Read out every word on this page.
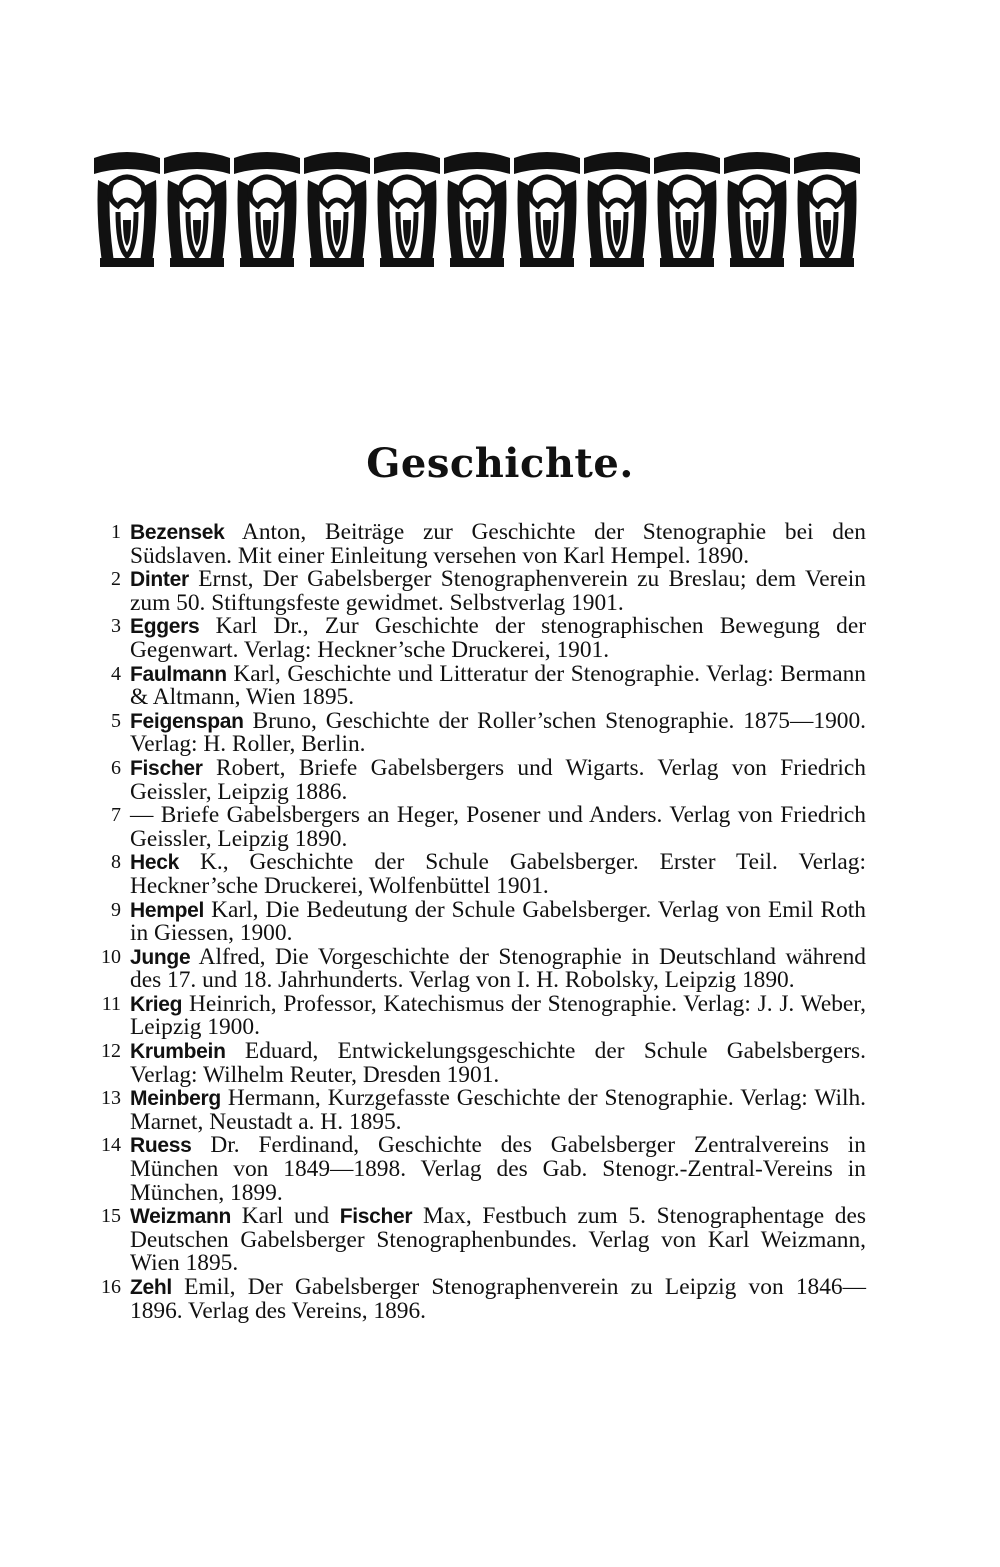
Geschichte.
1 Bezensek Anton, Beiträge zur Geschichte der Stenographie bei den Südslaven. Mit einer Einleitung versehen von Karl Hempel. 1890.
2 Dinter Ernst, Der Gabelsberger Stenographenverein zu Breslau; dem Verein zum 50. Stiftungsfeste gewidmet. Selbstverlag 1901.
3 Eggers Karl Dr., Zur Geschichte der stenographischen Bewegung der Gegenwart. Verlag: Heckner’sche Druckerei, 1901.
4 Faulmann Karl, Geschichte und Litteratur der Stenographie. Verlag: Bermann & Altmann, Wien 1895.
5 Feigenspan Bruno, Geschichte der Roller’schen Stenographie. 1875—1900. Verlag: H. Roller, Berlin.
6 Fischer Robert, Briefe Gabelsbergers und Wigarts. Verlag von Friedrich Geissler, Leipzig 1886.
7 — Briefe Gabelsbergers an Heger, Posener und Anders. Verlag von Friedrich Geissler, Leipzig 1890.
8 Heck K., Geschichte der Schule Gabelsberger. Erster Teil. Verlag: Heckner’sche Druckerei, Wolfenbüttel 1901.
9 Hempel Karl, Die Bedeutung der Schule Gabelsberger. Verlag von Emil Roth in Giessen, 1900.
10 Junge Alfred, Die Vorgeschichte der Stenographie in Deutschland während des 17. und 18. Jahrhunderts. Verlag von I. H. Robolsky, Leipzig 1890.
11 Krieg Heinrich, Professor, Katechismus der Stenographie. Verlag: J. J. Weber, Leipzig 1900.
12 Krumbein Eduard, Entwickelungsgeschichte der Schule Gabelsbergers. Verlag: Wilhelm Reuter, Dresden 1901.
13 Meinberg Hermann, Kurzgefasste Geschichte der Stenographie. Verlag: Wilh. Marnet, Neustadt a. H. 1895.
14 Ruess Dr. Ferdinand, Geschichte des Gabelsberger Zentralvereins in München von 1849—1898. Verlag des Gab. Stenogr.-Zentral-Vereins in München, 1899.
15 Weizmann Karl und Fischer Max, Festbuch zum 5. Stenographentage des Deutschen Gabelsberger Stenographenbundes. Verlag von Karl Weizmann, Wien 1895.
16 Zehl Emil, Der Gabelsberger Stenographenverein zu Leipzig von 1846—1896. Verlag des Vereins, 1896.
